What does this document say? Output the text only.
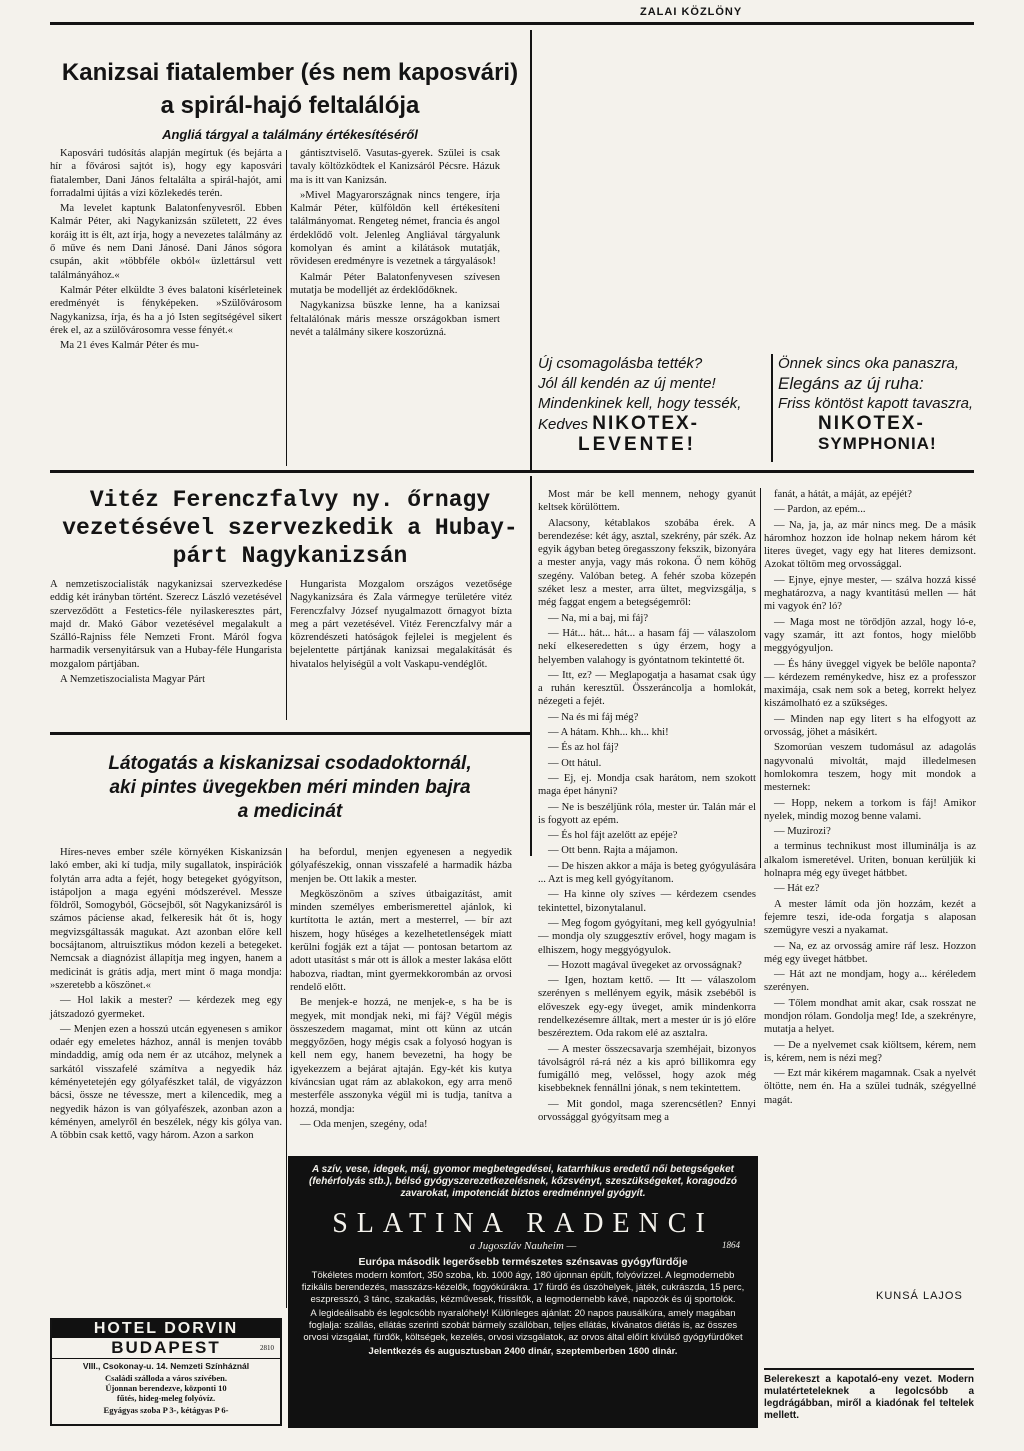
ZALAI KÖZLÖNY
Kanizsai fiatalember (és nem kaposvári)
a spirál-hajó feltalálója
Angliá tárgyal a találmány értékesítéséről

Kaposvári tudósítás alapján megírtuk (és bejárta a hír a fővárosi sajtót is), hogy egy kaposvári fiatalember, Dani János feltalálta a spirál-hajót, ami forradalmi újítás a vízi közlekedés terén.

Ma levelet kaptunk Balatonfenyvesről. Ebben Kalmár Péter, aki Nagykanizsán született, 22 éves koráig itt is élt, azt írja, hogy a nevezetes találmány az ő műve és nem Dani Jánosé. Dani János sógora csupán, akit »többféle okból« üzlettársul vett találmányához.«

Kalmár Péter elküldte 3 éves balatoni kísérleteinek eredményét is fényképeken. »Szülővárosom Nagykanizsa, írja, és ha a jó Isten segítségével sikert érek el, az a szülővárosomra vesse fényét.«

Ma 21 éves Kalmár Péter és mu-

gántisztviselő. Vasutas-gyerek. Szülei is csak tavaly költözködtek el Kanizsáról Pécsre. Házuk ma is itt van Kanizsán.

»Mivel Magyarországnak nincs tengere, írja Kalmár Péter, külföldön kell értékesíteni találmányomat. Rengeteg német, francia és angol érdeklődő volt. Jelenleg Angliával tárgyalunk komolyan és amint a kilátások mutatják, rövidesen eredményre is vezetnek a tárgyalások!

Kalmár Péter Balatonfenyvesen szívesen mutatja be modelljét az érdeklődőknek.

Nagykanizsa büszke lenne, ha a kanizsai feltalálónak máris messze országokban ismert nevét a találmány sikere koszorúzná.

Új csomagolásba tették?
Jól áll kendén az új mente!
Mindenkinek kell, hogy tessék,
Kedves NIKOTEX-
LEVENTE!
Önnek sincs oka panaszra,
Elegáns az új ruha:
Friss köntöst kapott tavaszra,
NIKOTEX-
SYMPHONIA!
Vitéz Ferenczfalvy ny. őrnagy vezetésével szervezkedik a Hubay-párt Nagykanizsán

A nemzetiszocialisták nagykanizsai szervezkedése eddig két irányban történt. Szerecz László vezetésével szerveződött a Festetics-féle nyilaskeresztes párt, majd dr. Makó Gábor vezetésével megalakult a Szálló-Rajniss féle Nemzeti Front. Máról fogva harmadik versenyitársuk van a Hubay-féle Hungarista mozgalom pártjában.

A Nemzetiszocialista Magyar Párt

Hungarista Mozgalom országos vezetősége Nagykanizsára és Zala vármegye területére vitéz Ferenczfalvy József nyugalmazott őrnagyot bízta meg a párt vezetésével. Vitéz Ferenczfalvy már a közrendészeti hatóságok fejlelei is megjelent és bejelentette pártjának kanizsai megalakítását és hivatalos helyiségül a volt Vaskapu-vendéglőt.

Látogatás a kiskanizsai csodadoktornál,
aki pintes üvegekben méri minden bajra
a medicinát

Híres-neves ember széle környéken Kiskanizsán lakó ember, aki kí tudja, mily sugallatok, inspirációk folytán arra adta a fejét, hogy betegeket gyógyítson, istápoljon a maga egyéni módszerével. Messze földről, Somogyból, Göcsejből, sőt Nagykanizsáról is számos páciense akad, felkeresik hát őt is, hogy megvizsgáltassák magukat. Azt azonban előre kell bocsájtanom, altruisztikus módon kezeli a betegeket. Nemcsak a diagnózist állapítja meg ingyen, hanem a medicinát is grátis adja, mert mint ő maga mondja: »szeretebb a köszönet.«

— Hol lakik a mester? — kérdezek meg egy játszadozó gyermeket.

— Menjen ezen a hosszú utcán egyenesen s amikor odaér egy emeletes házhoz, annál is menjen tovább mindaddig, amíg oda nem ér az utcához, melynek a sarkától visszafelé számítva a negyedik ház kéményetetején egy gólyafészket talál, de vigyázzon bácsi, össze ne tévessze, mert a kilencedik, meg a negyedik házon is van gólyafészek, azonban azon a kéményen, amelyről én beszélek, négy kis gólya van. A többin csak kettő, vagy három. Azon a sarkon

ha befordul, menjen egyenesen a negyedik gólyafészekig, onnan visszafelé a harmadik házba menjen be. Ott lakik a mester.

Megköszönöm a szíves útbaigazítást, amit minden személyes emberismerettel ajánlok, ki kurtította le aztán, mert a mesterrel, — bír azt hiszem, hogy hűséges a kezelhetetlenségek miatt kerülni fogják ezt a tájat — pontosan betartom az adott utasítást s már ott is állok a mester lakása előtt habozva, riadtan, mint gyermekkorombán az orvosi rendelő előtt.

Be menjek-e hozzá, ne menjek-e, s ha be is megyek, mit mondjak neki, mi fáj? Végül mégis összeszedem magamat, mint ott künn az utcán meggyőzően, hogy mégis csak a folyosó hogyan is kell nem egy, hanem bevezetni, ha hogy be igyekezzem a bejárat ajtaján. Egy-két kis kutya kíváncsian ugat rám az ablakokon, egy arra menő mesterféle asszonyka végül mi is tudja, tanítva a hozzá, mondja:

— Oda menjen, szegény, oda!

Most már be kell mennem, nehogy gyanút keltsek körülöttem.

Alacsony, kétablakos szobába érek. A berendezése: két ágy, asztal, szekrény, pár szék. Az egyik ágyban beteg öregasszony fekszik, bizonyára a mester anyja, vagy más rokona. Ő nem köhög szegény. Valóban beteg. A fehér szoba közepén széket lesz a mester, arra ültet, megvizsgálja, s még faggat engem a betegségemről:

— Na, mi a baj, mi fáj?

— Hát... hát... hát... a hasam fáj — válaszolom nekí elkeseredetten s úgy érzem, hogy a helyemben valahogy is gyóntatnom tekintetté őt.

— Itt, ez? — Meglapogatja a hasamat csak úgy a ruhán keresztül. Összeráncolja a homlokát, nézegeti a fejét.

— Na és mi fáj még?

— A hátam. Khh... kh... khi!

— És az hol fáj?

— Ott hátul.

— Ej, ej. Mondja csak harátom, nem szokott maga épet hányni?

— Ne is beszéljünk róla, mester úr. Talán már el is fogyott az epém.

— És hol fájt azelőtt az epéje?

— Ott benn. Rajta a májamon.

— De hiszen akkor a mája is beteg gyógyulására ... Azt is meg kell gyógyítanom.

— Ha kinne oly szíves — kérdezem csendes tekintettel, bizonytalanul.

— Meg fogom gyógyítani, meg kell gyógyulnia! — mondja oly szuggesztív erővel, hogy magam is elhiszem, hogy meggyógyulok.

— Hozott magával üvegeket az orvosságnak?

— Igen, hoztam kettő. — Itt — válaszolom szerényen s mellényem egyik, másik zsebéből is előveszek egy-egy üveget, amik mindenkorra rendelkezésemre álltak, mert a mester úr is jó előre beszéreztem. Oda rakom elé az asztalra.

— A mester összecsavarja szemhéjait, bizonyos távolságról rá-rá néz a kis apró billikomra egy fumigálló meg, velőssel, hogy azok még kisebbeknek fennállni jónak, s nem tekintettem.

— Mit gondol, maga szerencsétlen? Ennyi orvossággal gyógyítsam meg a

fanát, a hátát, a máját, az epéjét?

— Pardon, az epém...

— Na, ja, ja, az már nincs meg. De a másik háromhoz hozzon ide holnap nekem három két literes üveget, vagy egy hat literes demizsont. Azokat töltöm meg orvossággal.

— Ejnye, ejnye mester, — szálva hozzá kissé meghatározva, a nagy kvantitású mellen — hát mi vagyok én? ló?

— Maga most ne törődjön azzal, hogy ló-e, vagy szamár, itt azt fontos, hogy mielőbb meggyógyuljon.

— És hány üveggel vigyek be belőle naponta? — kérdezem reménykedve, hisz ez a professzor maximája, csak nem sok a beteg, korrekt helyez kiszámolható ez a szükséges.

— Minden nap egy litert s ha elfogyott az orvosság, jöhet a másikért.

Szomorúan veszem tudomásul az adagolás nagyvonalú mivoltát, majd illedelmesen homlokomra teszem, hogy mit mondok a mesternek:

— Hopp, nekem a torkom is fáj! Amikor nyelek, mindig mozog benne valami.

— Muzirozi?

a terminus technikust most illuminálja is az alkalom ismeretével. Uriten, bonuan kerüljük ki holnapra még egy üveget hátbbet.

— Hát ez?

A mester lámít oda jön hozzám, kezét a fejemre teszi, ide-oda forgatja s alaposan szemügyre veszi a nyakamat.

— Na, ez az orvosság amire ráf lesz. Hozzon még egy üveget hátbbet.

— Hát azt ne mondjam, hogy a... kéréledem szerényen.

— Tőlem mondhat amit akar, csak rosszat ne mondjon rólam. Gondolja meg! Ide, a szekrényre, mutatja a helyet.

— De a nyelvemet csak kiöltsem, kérem, nem is, kérem, nem is nézi meg?

— Ezt már kikérem magamnak. Csak a nyelvét öltötte, nem én. Ha a szülei tudnák, szégyellné magát.

A szív, vese, idegek, máj, gyomor megbetegedései, katarrhikus eredetű női betegségeket (fehérfolyás stb.), bélsó gyógyszerezetkezelésnek, kőzsvényt, szeszükségeket, koragodzó zavarokat, impotenciát biztos eredménnyel gyógyít.
SLATINA RADENCI
a Jugoszláv Nauheim —	1864
Európa második legerősebb természetes szénsavas gyógyfürdője
Tökéletes modern komfort, 350 szoba, kb. 1000 ágy, 180 újonnan épült, folyóvízzel. A legmodernebb fizikális berendezés, masszázs-kézelők, fogyókúrákra. 17 fürdő és úszóhelyek, játék, cukrászda, 15 perc, eszpresszó, 3 tánc, szakadás, kézművesek, frissítők, a legmodernebb kávé, napozók és új sportolók.
A legideálisabb és legolcsóbb nyaralóhely! Különleges ajánlat: 20 napos pausálkúra, amely magában foglalja: szállás, ellátás szerinti szobát bármely szállóban, teljes ellátás, kívánatos diétás is, az összes orvosi vizsgálat, fürdők, költségek, kezelés, orvosi vizsgálatok, az orvos által előírt kívülső gyógyfürdőket
Jelentkezés és augusztusban 2400 dinár, szeptemberben 1600 dinár.
HOTEL DORVIN
BUDAPEST	2810
VIII., Csokonay-u. 14. Nemzeti Színháznál
Családi szálloda a város szívében.
Újonnan berendezve, központi 10
fűtés, hideg-meleg folyóvíz.
Egyágyas szoba P 3-, kétágyas P 6-
KUNSÁ LAJOS
Belerekeszt a kapotaló-eny vezet. Modern mulatérteteleknek a legolcsóbb a legdrágábban, miről a kiadónak fel teltelek mellett.
